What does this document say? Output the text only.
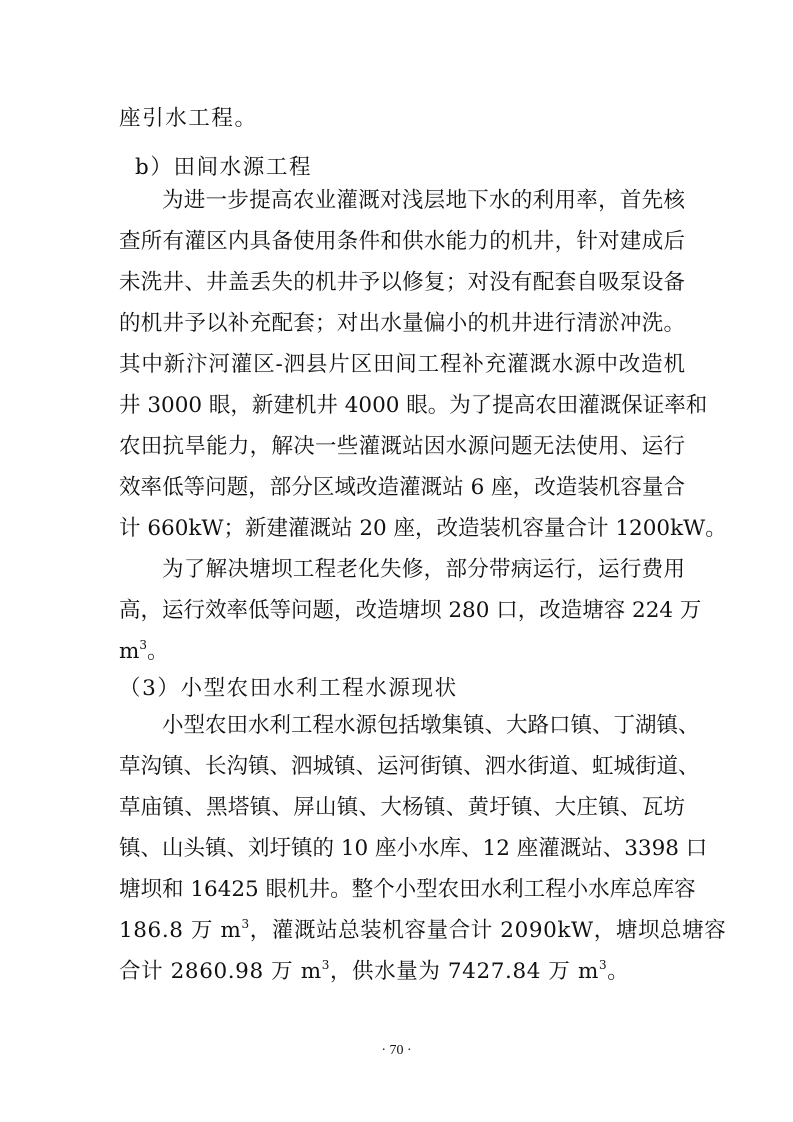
座引水工程。
b）田间水源工程
为进一步提高农业灌溉对浅层地下水的利用率，首先核
查所有灌区内具备使用条件和供水能力的机井，针对建成后
未洗井、井盖丢失的机井予以修复；对没有配套自吸泵设备
的机井予以补充配套；对出水量偏小的机井进行清淤冲洗。
其中新汴河灌区-泗县片区田间工程补充灌溉水源中改造机
井 3000 眼，新建机井 4000 眼。为了提高农田灌溉保证率和
农田抗旱能力，解决一些灌溉站因水源问题无法使用、运行
效率低等问题，部分区域改造灌溉站 6 座，改造装机容量合
计 660kW；新建灌溉站 20 座，改造装机容量合计 1200kW。
为了解决塘坝工程老化失修，部分带病运行，运行费用
高，运行效率低等问题，改造塘坝 280 口，改造塘容 224 万
$m^3$。
（3）小型农田水利工程水源现状
小型农田水利工程水源包括墩集镇、大路口镇、丁湖镇、
草沟镇、长沟镇、泗城镇、运河街镇、泗水街道、虹城街道、
草庙镇、黑塔镇、屏山镇、大杨镇、黄圩镇、大庄镇、瓦坊
镇、山头镇、刘圩镇的 10 座小水库、12 座灌溉站、3398 口
塘坝和 16425 眼机井。整个小型农田水利工程小水库总库容
186.8 万 $m^3$，灌溉站总装机容量合计 2090kW，塘坝总塘容
合计 2860.98 万 $m^3$，供水量为 7427.84 万 $m^3$。
· 70 ·
